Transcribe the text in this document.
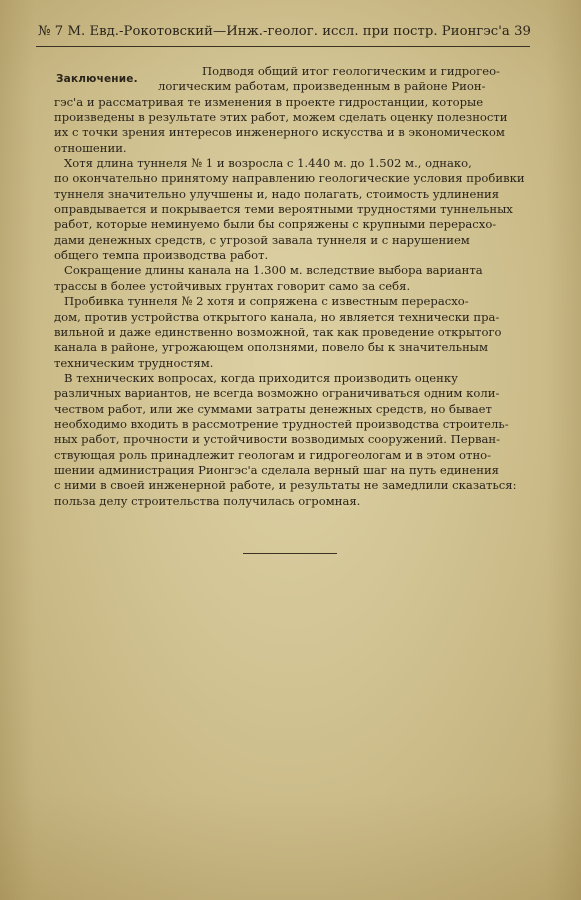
№ 7 М. Евд.-Рокотовский—Инж.-геолог. иссл. при постр. Рионгэс'а 39
Заключение.
Подводя общий итог геологическим и гидрогео-
логическим работам, произведенным в районе Рион-
гэс'а и рассматривая те изменения в проекте гидростанции, которые
произведены в результате этих работ, можем сделать оценку полезности
их с точки зрения интересов инженерного искусства и в экономическом
отношении.
Хотя длина туннеля № 1 и возросла с 1.440 м. до 1.502 м., однако,
по окончательно принятому направлению геологические условия пробивки
туннеля значительно улучшены и, надо полагать, стоимость удлинения
оправдывается и покрывается теми вероятными трудностями туннельных
работ, которые неминуемо были бы сопряжены с крупными перерасхо-
дами денежных средств, с угрозой завала туннеля и с нарушением
общего темпа производства работ.
Сокращение длины канала на 1.300 м. вследствие выбора варианта
трассы в более устойчивых грунтах говорит само за себя.
Пробивка туннеля № 2 хотя и сопряжена с известным перерасхо-
дом, против устройства открытого канала, но является технически пра-
вильной и даже единственно возможной, так как проведение открытого
канала в районе, угрожающем оползнями, повело бы к значительным
техническим трудностям.
В технических вопросах, когда приходится производить оценку
различных вариантов, не всегда возможно ограничиваться одним коли-
чеством работ, или же суммами затраты денежных средств, но бывает
необходимо входить в рассмотрение трудностей производства строитель-
ных работ, прочности и устойчивости возводимых сооружений. Перван-
ствующая роль принадлежит геологам и гидрогеологам и в этом отно-
шении администрация Рионгэс'а сделала верный шаг на путь единения
с ними в своей инженерной работе, и результаты не замедлили сказаться:
польза делу строительства получилась огромная.
